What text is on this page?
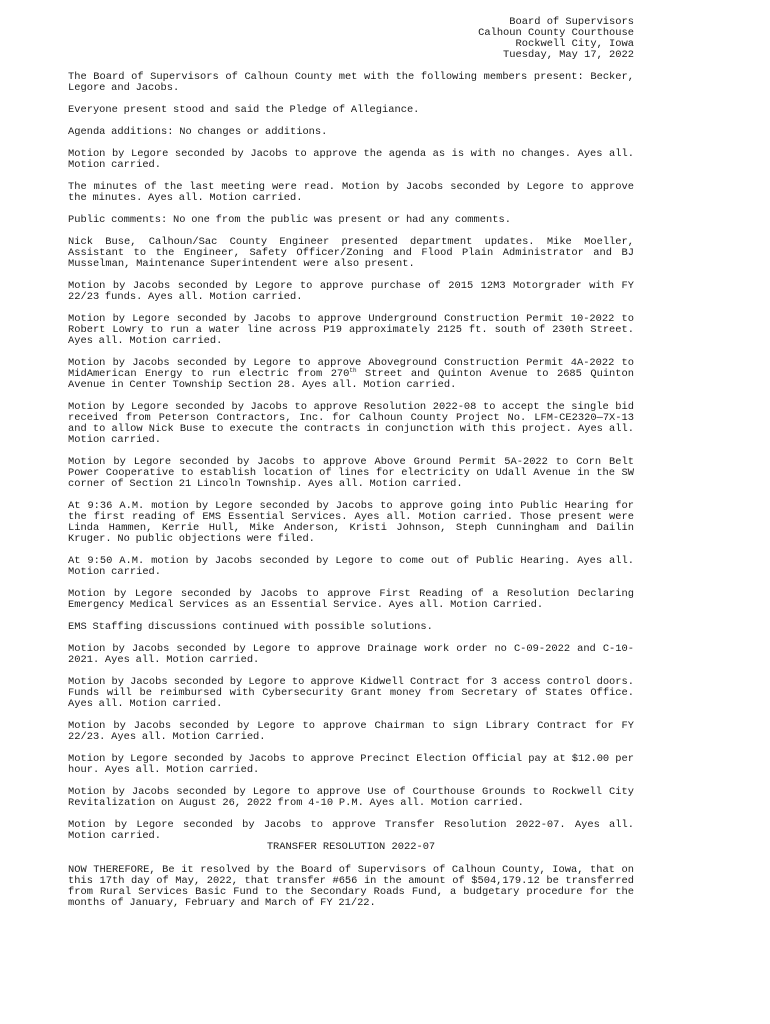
Board of Supervisors
Calhoun County Courthouse
Rockwell City, Iowa
Tuesday, May 17, 2022

The Board of Supervisors of Calhoun County met with the following members present: Becker, Legore and Jacobs.

Everyone present stood and said the Pledge of Allegiance.

Agenda additions: No changes or additions.

Motion by Legore seconded by Jacobs to approve the agenda as is with no changes. Ayes all. Motion carried.

The minutes of the last meeting were read. Motion by Jacobs seconded by Legore to approve the minutes. Ayes all. Motion carried.

Public comments: No one from the public was present or had any comments.

Nick Buse, Calhoun/Sac County Engineer presented department updates. Mike Moeller, Assistant to the Engineer, Safety Officer/Zoning and Flood Plain Administrator and BJ Musselman, Maintenance Superintendent were also present.

Motion by Jacobs seconded by Legore to approve purchase of 2015 12M3 Motorgrader with FY 22/23 funds. Ayes all. Motion carried.

Motion by Legore seconded by Jacobs to approve Underground Construction Permit 10-2022 to Robert Lowry to run a water line across P19 approximately 2125 ft. south of 230th Street. Ayes all. Motion carried.

Motion by Jacobs seconded by Legore to approve Aboveground Construction Permit 4A-2022 to MidAmerican Energy to run electric from 270th Street and Quinton Avenue to 2685 Quinton Avenue in Center Township Section 28. Ayes all. Motion carried.

Motion by Legore seconded by Jacobs to approve Resolution 2022-08 to accept the single bid received from Peterson Contractors, Inc. for Calhoun County Project No. LFM-CE2320—7X-13 and to allow Nick Buse to execute the contracts in conjunction with this project. Ayes all. Motion carried.

Motion by Legore seconded by Jacobs to approve Above Ground Permit 5A-2022 to Corn Belt Power Cooperative to establish location of lines for electricity on Udall Avenue in the SW corner of Section 21 Lincoln Township. Ayes all. Motion carried.

At 9:36 A.M. motion by Legore seconded by Jacobs to approve going into Public Hearing for the first reading of EMS Essential Services. Ayes all. Motion carried. Those present were Linda Hammen, Kerrie Hull, Mike Anderson, Kristi Johnson, Steph Cunningham and Dailin Kruger. No public objections were filed.

At 9:50 A.M. motion by Jacobs seconded by Legore to come out of Public Hearing. Ayes all. Motion carried.

Motion by Legore seconded by Jacobs to approve First Reading of a Resolution Declaring Emergency Medical Services as an Essential Service. Ayes all. Motion Carried.

EMS Staffing discussions continued with possible solutions.

Motion by Jacobs seconded by Legore to approve Drainage work order no C-09-2022 and C-10-2021. Ayes all. Motion carried.

Motion by Jacobs seconded by Legore to approve Kidwell Contract for 3 access control doors. Funds will be reimbursed with Cybersecurity Grant money from Secretary of States Office. Ayes all. Motion carried.

Motion by Jacobs seconded by Legore to approve Chairman to sign Library Contract for FY 22/23. Ayes all. Motion Carried.

Motion by Legore seconded by Jacobs to approve Precinct Election Official pay at $12.00 per hour. Ayes all. Motion carried.

Motion by Jacobs seconded by Legore to approve Use of Courthouse Grounds to Rockwell City Revitalization on August 26, 2022 from 4-10 P.M. Ayes all. Motion carried.

Motion by Legore seconded by Jacobs to approve Transfer Resolution 2022-07. Ayes all. Motion carried.

TRANSFER RESOLUTION 2022-07

NOW THEREFORE, Be it resolved by the Board of Supervisors of Calhoun County, Iowa, that on this 17th day of May, 2022, that transfer #656 in the amount of $504,179.12 be transferred from Rural Services Basic Fund to the Secondary Roads Fund, a budgetary procedure for the months of January, February and March of FY 21/22.
